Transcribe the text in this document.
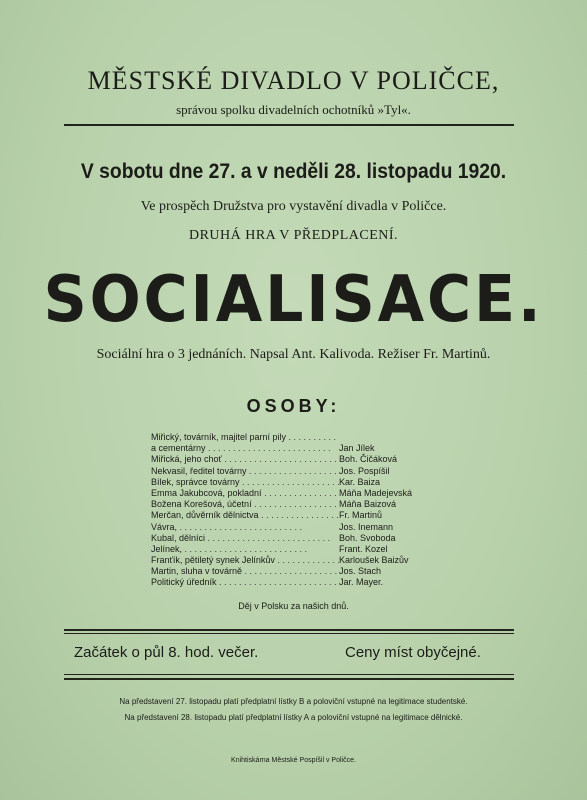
MĚSTSKÉ DIVADLO V POLIČCE,
správou spolku divadelních ochotníků »Tyl«.
V sobotu dne 27. a v neděli 28. listopadu 1920.
Ve prospěch Družstva pro vystavění divadla v Poličce.
DRUHÁ HRA V PŘEDPLACENÍ.
SOCIALISACE.
Sociální hra o 3 jednáních. Napsal Ant. Kalivoda. Režiser Fr. Martinů.
OSOBY:
Miřický, továrník, majitel parní pily . . .
a cementárny . . .	Jan Jílek
Miřická, jeho choť . . .	Boh. Čičáková
Nekvasil, ředitel továrny . . .	Jos. Pospíšil
Bílek, správce továrny . . .	Kar. Baiza
Emma Jakubcová, pokladní . . .	Máňa Madejevská
Božena Korešová, účetní . . .	Máňa Baizová
Merčan, důvěrník dělnictva . . .	Fr. Martinů
Vávra, . . .	Jos. Inemann
Kubal, dělníci . . .	Boh. Svoboda
Jelínek, . . .	Frant. Kozel
Franťík, pětiletý synek Jelínkův . . .	Karloušek Baizův
Martin, sluha v továrně . . .	Jos. Stach
Politický úředník . . .	Jar. Mayer.
Děj v Polsku za našich dnů.
Začátek o půl 8. hod. večer.	Ceny míst obyčejné.
Na představení 27. listopadu platí předplatní lístky B a poloviční vstupné na legitimace studentské.
Na představení 28. listopadu platí předplatní lístky A a poloviční vstupné na legitimace dělnické.
Knihtiskárna Městské Pospíšil v Poličce.
